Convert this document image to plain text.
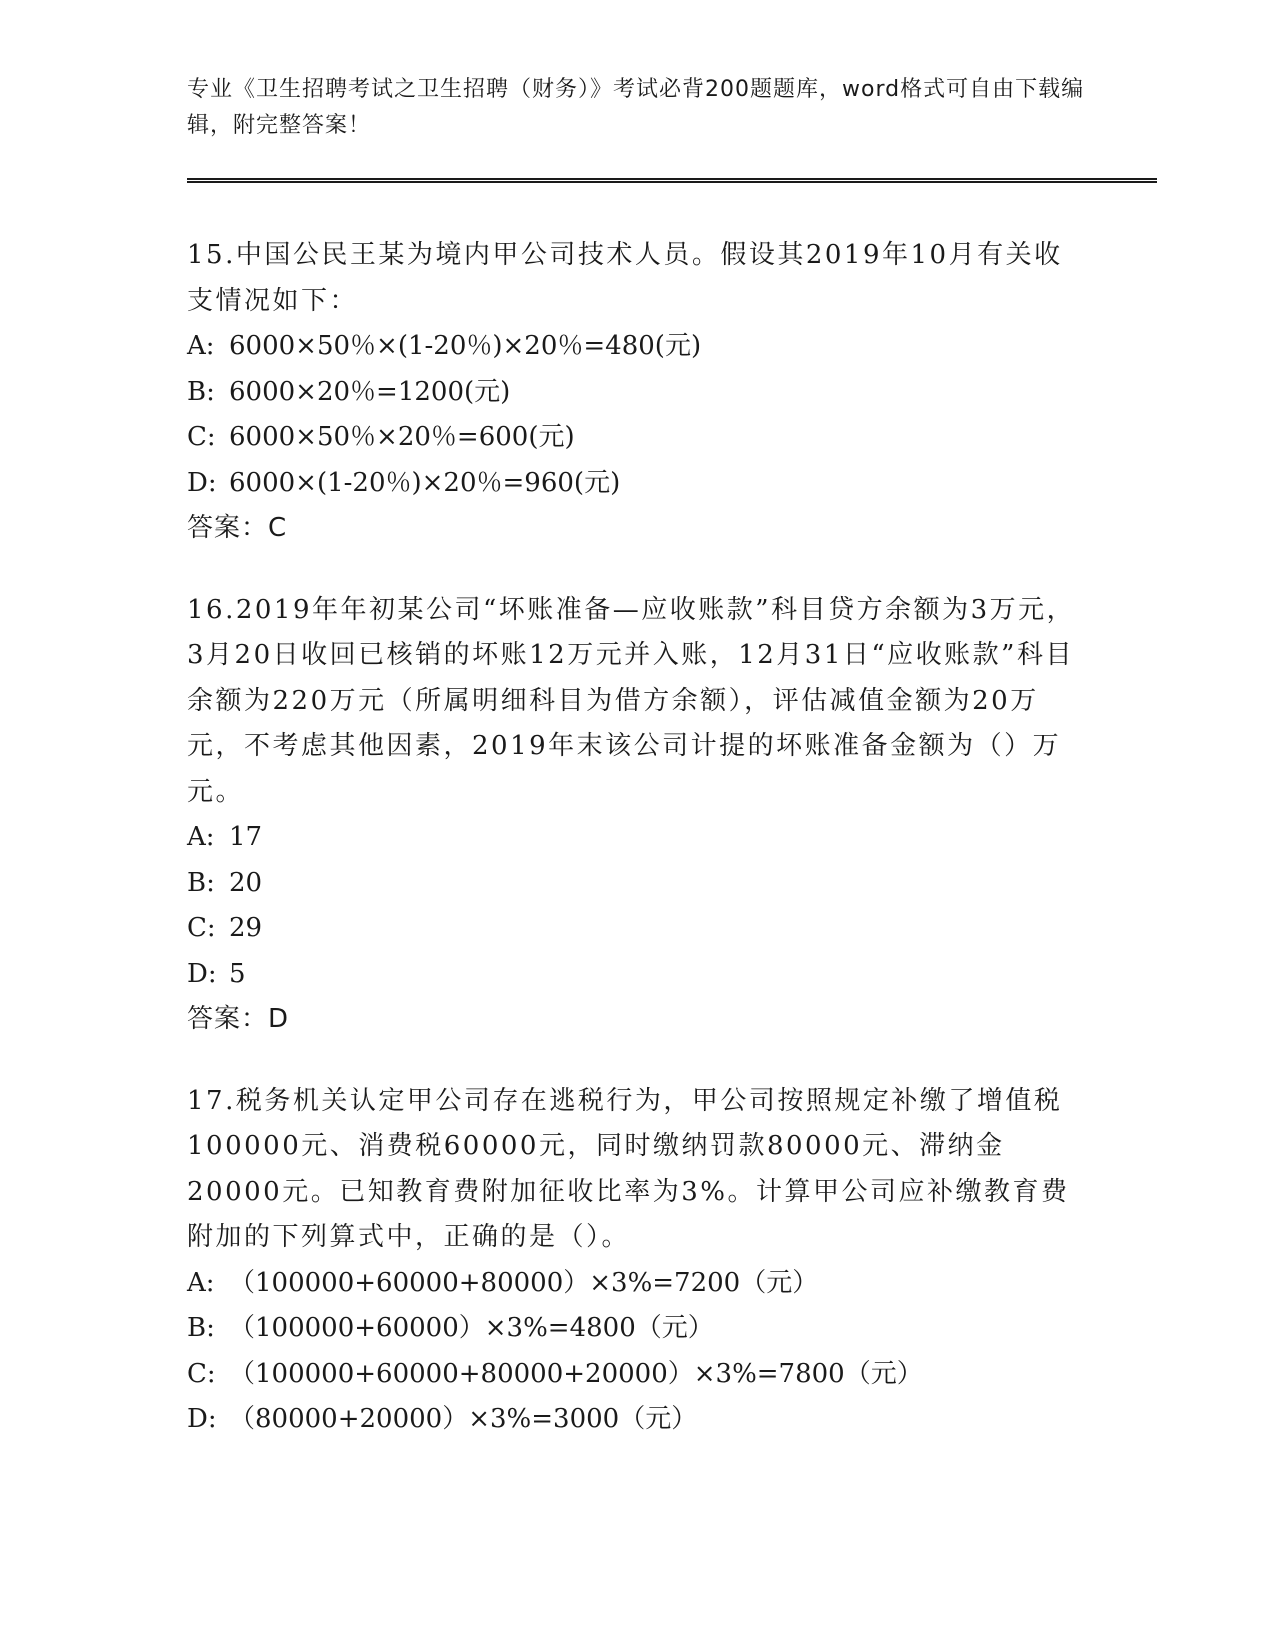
专业《卫生招聘考试之卫生招聘（财务）》考试必背200题题库，word格式可自由下载编辑，附完整答案！
15.中国公民王某为境内甲公司技术人员。假设其2019年10月有关收支情况如下：
A: 6000×50％×(1-20％)×20％=480(元)
B: 6000×20％=1200(元)
C: 6000×50％×20％=600(元)
D: 6000×(1-20％)×20％=960(元)
答案：C
16.2019年年初某公司“坏账准备—应收账款”科目贷方余额为3万元，3月20日收回已核销的坏账12万元并入账，12月31日“应收账款”科目余额为220万元（所属明细科目为借方余额），评估减值金额为20万元，不考虑其他因素，2019年末该公司计提的坏账准备金额为（）万元。
A: 17
B: 20
C: 29
D: 5
答案：D
17.税务机关认定甲公司存在逃税行为，甲公司按照规定补缴了增值税100000元、消费税60000元，同时缴纳罚款80000元、滞纳金20000元。已知教育费附加征收比率为3%。计算甲公司应补缴教育费附加的下列算式中，正确的是（）。
A: （100000+60000+80000）×3%=7200（元）
B: （100000+60000）×3%=4800（元）
C: （100000+60000+80000+20000）×3%=7800（元）
D: （80000+20000）×3%=3000（元）
